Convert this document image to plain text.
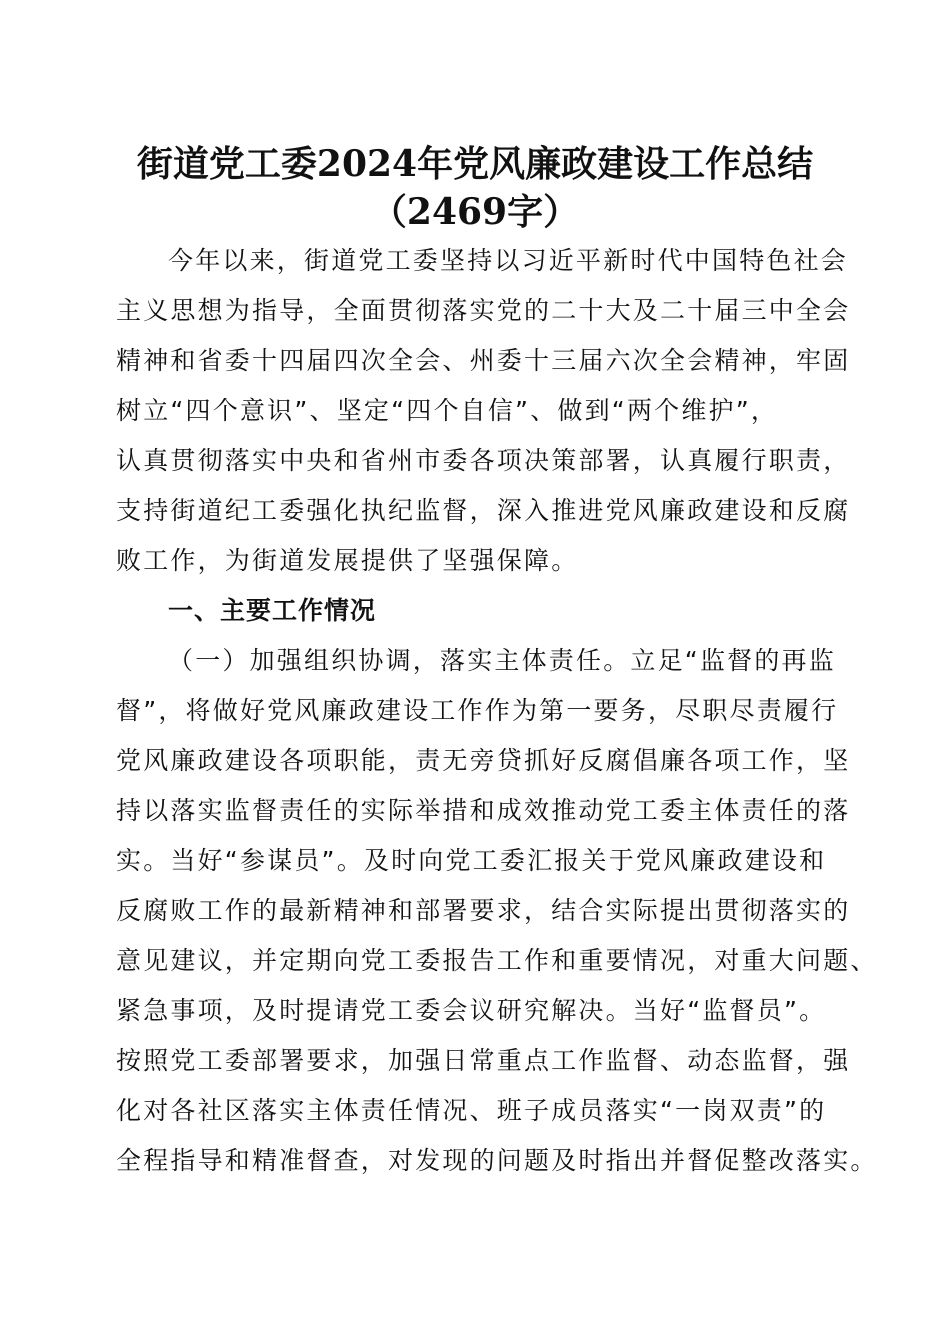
街道党工委2024年党风廉政建设工作总结
（2469字）
今年以来，街道党工委坚持以习近平新时代中国特色社会
主义思想为指导，全面贯彻落实党的二十大及二十届三中全会
精神和省委十四届四次全会、州委十三届六次全会精神，牢固
树立“四个意识”、坚定“四个自信”、做到“两个维护”，
认真贯彻落实中央和省州市委各项决策部署，认真履行职责，
支持街道纪工委强化执纪监督，深入推进党风廉政建设和反腐
败工作，为街道发展提供了坚强保障。
一、主要工作情况
（一）加强组织协调，落实主体责任。立足“监督的再监
督”，将做好党风廉政建设工作作为第一要务，尽职尽责履行
党风廉政建设各项职能，责无旁贷抓好反腐倡廉各项工作，坚
持以落实监督责任的实际举措和成效推动党工委主体责任的落
实。当好“参谋员”。及时向党工委汇报关于党风廉政建设和
反腐败工作的最新精神和部署要求，结合实际提出贯彻落实的
意见建议，并定期向党工委报告工作和重要情况，对重大问题、
紧急事项，及时提请党工委会议研究解决。当好“监督员”。
按照党工委部署要求，加强日常重点工作监督、动态监督，强
化对各社区落实主体责任情况、班子成员落实“一岗双责”的
全程指导和精准督查，对发现的问题及时指出并督促整改落实。
